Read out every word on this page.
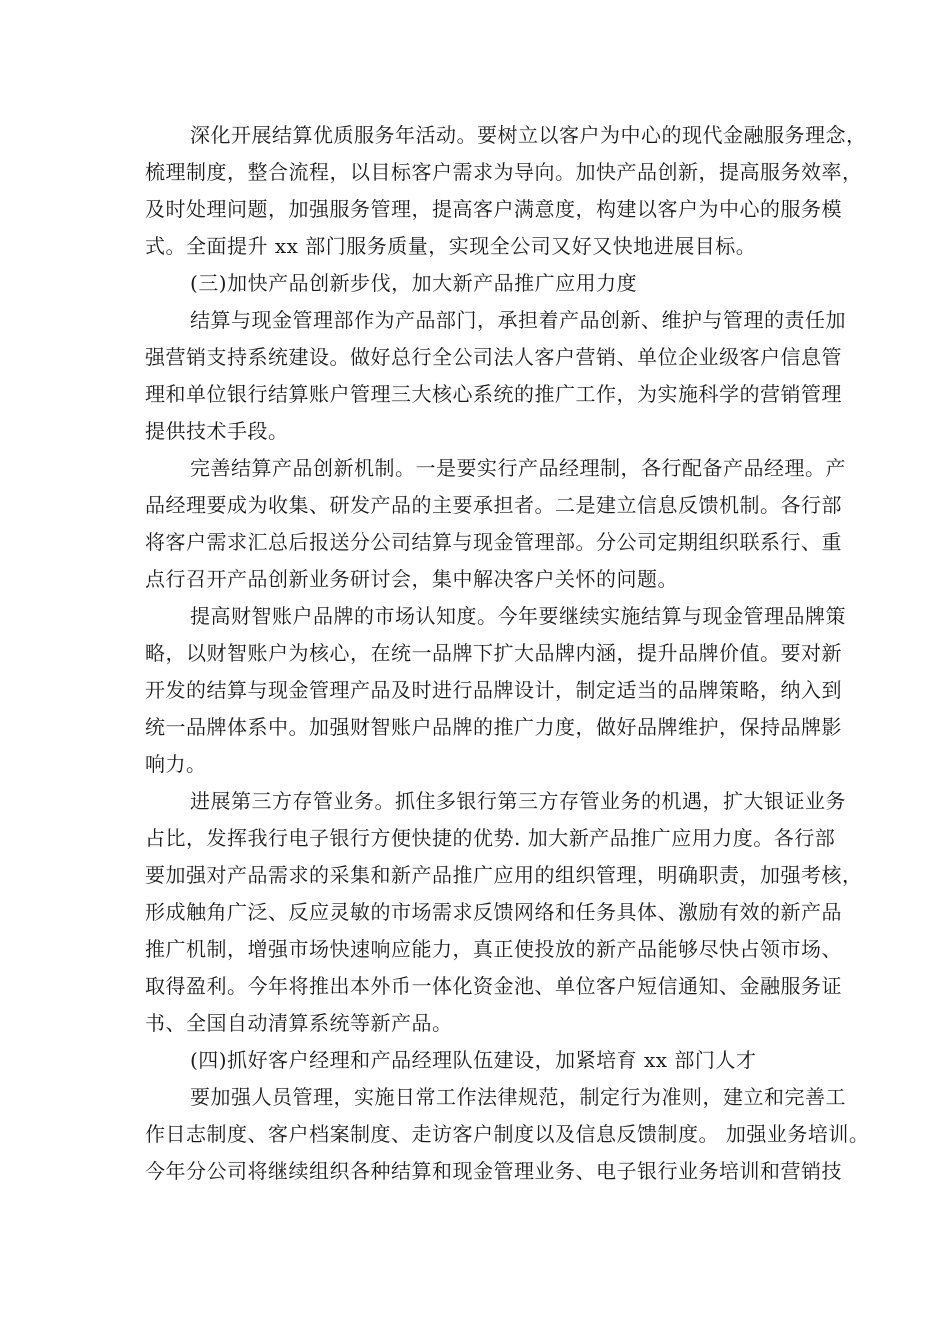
深化开展结算优质服务年活动。要树立以客户为中心的现代金融服务理念，
梳理制度，整合流程，以目标客户需求为导向。加快产品创新，提高服务效率，
及时处理问题，加强服务管理，提高客户满意度，构建以客户为中心的服务模
式。全面提升 xx 部门服务质量，实现全公司又好又快地进展目标。
(三)加快产品创新步伐，加大新产品推广应用力度
结算与现金管理部作为产品部门，承担着产品创新、维护与管理的责任加
强营销支持系统建设。做好总行全公司法人客户营销、单位企业级客户信息管
理和单位银行结算账户管理三大核心系统的推广工作，为实施科学的营销管理
提供技术手段。
完善结算产品创新机制。一是要实行产品经理制，各行配备产品经理。产
品经理要成为收集、研发产品的主要承担者。二是建立信息反馈机制。各行部
将客户需求汇总后报送分公司结算与现金管理部。分公司定期组织联系行、重
点行召开产品创新业务研讨会，集中解决客户关怀的问题。
提高财智账户品牌的市场认知度。今年要继续实施结算与现金管理品牌策
略，以财智账户为核心，在统一品牌下扩大品牌内涵，提升品牌价值。要对新
开发的结算与现金管理产品及时进行品牌设计，制定适当的品牌策略，纳入到
统一品牌体系中。加强财智账户品牌的推广力度，做好品牌维护，保持品牌影
响力。
进展第三方存管业务。抓住多银行第三方存管业务的机遇，扩大银证业务
占比，发挥我行电子银行方便快捷的优势. 加大新产品推广应用力度。各行部
要加强对产品需求的采集和新产品推广应用的组织管理，明确职责，加强考核，
形成触角广泛、反应灵敏的市场需求反馈网络和任务具体、激励有效的新产品
推广机制，增强市场快速响应能力，真正使投放的新产品能够尽快占领市场、
取得盈利。今年将推出本外币一体化资金池、单位客户短信通知、金融服务证
书、全国自动清算系统等新产品。
(四)抓好客户经理和产品经理队伍建设，加紧培育 xx 部门人才
要加强人员管理，实施日常工作法律规范，制定行为准则，建立和完善工
作日志制度、客户档案制度、走访客户制度以及信息反馈制度。 加强业务培训。
今年分公司将继续组织各种结算和现金管理业务、电子银行业务培训和营销技
